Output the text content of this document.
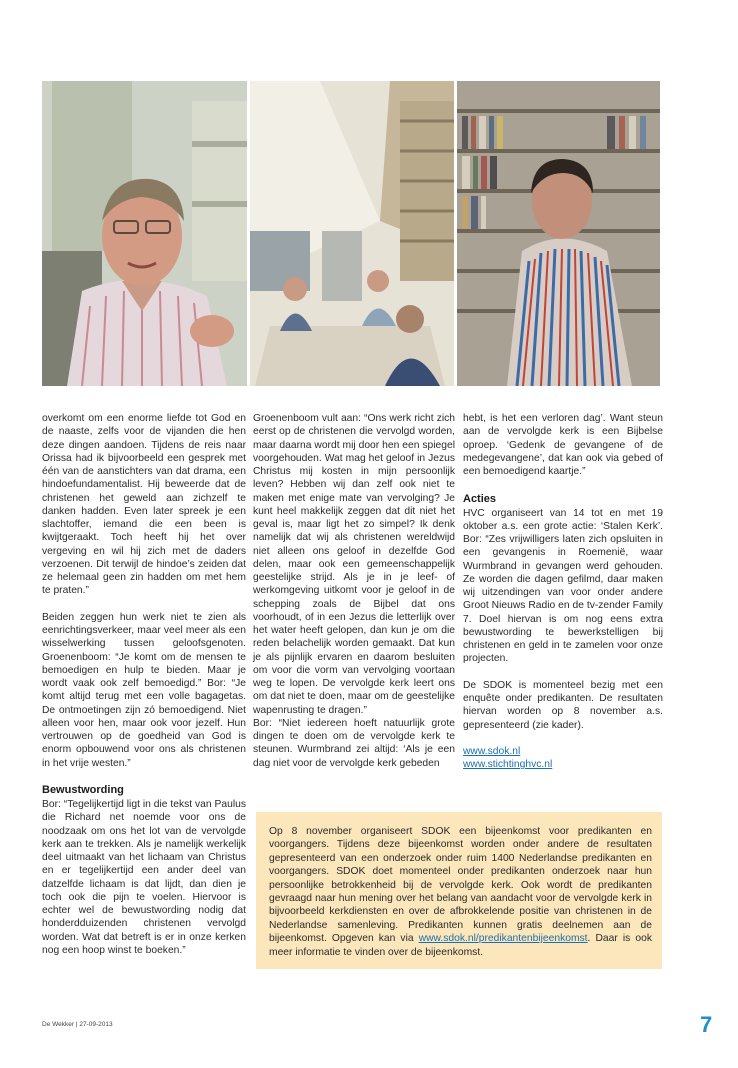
overkomt om een enorme liefde tot God en de naaste, zelfs voor de vijanden die hen deze dingen aandoen. Tijdens de reis naar Orissa had ik bijvoorbeeld een gesprek met één van de aanstichters van dat drama, een hindoefundamentalist. Hij beweerde dat de christenen het geweld aan zichzelf te danken hadden. Even later spreek je een slachtoffer, iemand die een been is kwijtgeraakt. Toch heeft hij het over vergeving en wil hij zich met de daders verzoenen. Dit terwijl de hindoe’s zeiden dat ze helemaal geen zin hadden om met hem te praten.”

Beiden zeggen hun werk niet te zien als eenrichtingsverkeer, maar veel meer als een wisselwerking tussen geloofsgenoten. Groenenboom: “Je komt om de mensen te bemoedigen en hulp te bieden. Maar je wordt vaak ook zelf bemoedigd.” Bor: “Je komt altijd terug met een volle bagagetas. De ontmoetingen zijn zó bemoedigend. Niet alleen voor hen, maar ook voor jezelf. Hun vertrouwen op de goedheid van God is enorm opbouwend voor ons als christenen in het vrije westen.”

Bewustwording

Bor: “Tegelijkertijd ligt in die tekst van Paulus die Richard net noemde voor ons de noodzaak om ons het lot van de vervolgde kerk aan te trekken. Als je namelijk werkelijk deel uitmaakt van het lichaam van Christus en er tegelijkertijd een ander deel van datzelfde lichaam is dat lijdt, dan dien je toch ook die pijn te voelen. Hiervoor is echter wel de bewustwording nodig dat honderdduizenden christenen vervolgd worden. Wat dat betreft is er in onze kerken nog een hoop winst te boeken.”

Groenenboom vult aan: “Ons werk richt zich eerst op de christenen die vervolgd worden, maar daarna wordt mij door hen een spiegel voorgehouden. Wat mag het geloof in Jezus Christus mij kosten in mijn persoonlijk leven? Hebben wij dan zelf ook niet te maken met enige mate van vervolging? Je kunt heel makkelijk zeggen dat dit niet het geval is, maar ligt het zo simpel? Ik denk namelijk dat wij als christenen wereldwijd niet alleen ons geloof in dezelfde God delen, maar ook een gemeenschappelijk geestelijke strijd. Als je in je leef- of werkomgeving uitkomt voor je geloof in de schepping zoals de Bijbel dat ons voorhoudt, of in een Jezus die letterlijk over het water heeft gelopen, dan kun je om die reden belachelijk worden gemaakt. Dat kun je als pijnlijk ervaren en daarom besluiten om voor die vorm van vervolging voortaan weg te lopen. De vervolgde kerk leert ons om dat niet te doen, maar om de geestelijke wapenrusting te dragen.”

Bor: “Niet iedereen hoeft natuurlijk grote dingen te doen om de vervolgde kerk te steunen. Wurmbrand zei altijd: ‘Als je een dag niet voor de vervolgde kerk gebeden

hebt, is het een verloren dag’. Want steun aan de vervolgde kerk is een Bijbelse oproep. ‘Gedenk de gevangene of de medegevangene’, dat kan ook via gebed of een bemoedigend kaartje.”

Acties

HVC organiseert van 14 tot en met 19 oktober a.s. een grote actie: ‘Stalen Kerk’. Bor: “Zes vrijwilligers laten zich opsluiten in een gevangenis in Roemenië, waar Wurmbrand in gevangen werd gehouden. Ze worden die dagen gefilmd, daar maken wij uitzendingen van voor onder andere Groot Nieuws Radio en de tv-zender Family 7. Doel hiervan is om nog eens extra bewustwording te bewerkstelligen bij christenen en geld in te zamelen voor onze projecten.

De SDOK is momenteel bezig met een enquête onder predikanten. De resultaten hiervan worden op 8 november a.s. gepresenteerd (zie kader).

www.sdok.nl
www.stichtinghvc.nl
Op 8 november organiseert SDOK een bijeenkomst voor predikanten en voorgangers. Tijdens deze bijeenkomst worden onder andere de resultaten gepresenteerd van een onderzoek onder ruim 1400 Nederlandse predikanten en voorgangers. SDOK doet momenteel onder predikanten onderzoek naar hun persoonlijke betrokkenheid bij de vervolgde kerk. Ook wordt de predikanten gevraagd naar hun mening over het belang van aandacht voor de vervolgde kerk in bijvoorbeeld kerkdiensten en over de afbrokkelende positie van christenen in de Nederlandse samenleving. Predikanten kunnen gratis deelnemen aan de bijeenkomst. Opgeven kan via www.sdok.nl/predikantenbijeenkomst. Daar is ook meer informatie te vinden over de bijeenkomst.
De Wekker | 27-09-2013	7
